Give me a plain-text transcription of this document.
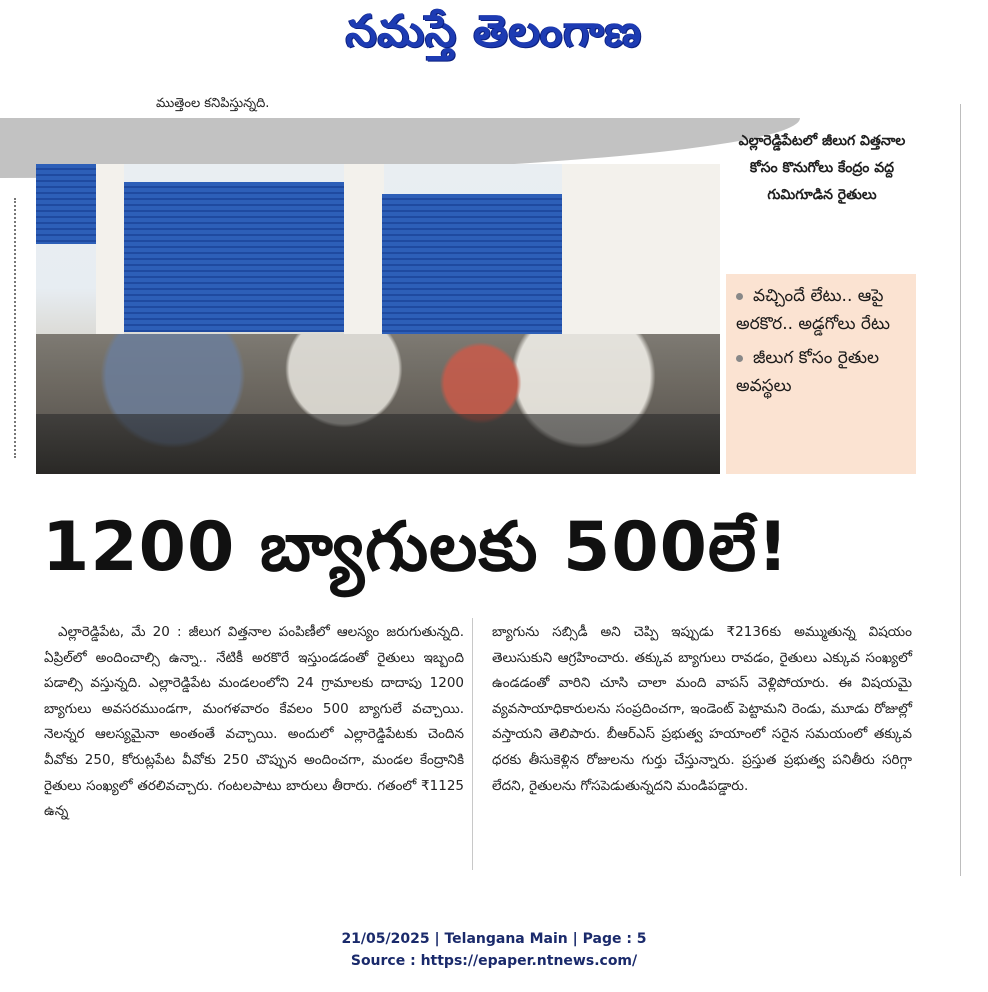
నమస్తే తెలంగాణ
ముత్తెంల కనిపిస్తున్నది.
ఎల్లారెడ్డిపేటలో జీలుగ విత్తనాల కోసం కొనుగోలు కేంద్రం వద్ద గుమిగూడిన రైతులు
వచ్చిందే లేటు.. ఆపై అరకొర.. అడ్డగోలు రేటు
జీలుగ కోసం రైతుల అవస్థలు
1200 బ్యాగులకు 500లే!
ఎల్లారెడ్డిపేట, మే 20 : జీలుగ విత్తనాల పంపిణీలో ఆలస్యం జరుగుతున్నది. ఏప్రిల్‌లో అందించాల్సి ఉన్నా.. నేటికీ అరకొరే ఇస్తుండడంతో రైతులు ఇబ్బంది పడాల్సి వస్తున్నది. ఎల్లారెడ్డిపేట మండలంలోని 24 గ్రామాలకు దాదాపు 1200 బ్యాగులు అవసరముండగా, మంగళవారం కేవలం 500 బ్యాగులే వచ్చాయి. నెలన్నర ఆలస్యమైనా అంతంతే వచ్చాయి. అందులో ఎల్లారెడ్డిపేటకు చెందిన వీవోకు 250, కోరుట్లపేట వీవోకు 250 చొప్పున అందించగా, మండల కేంద్రానికి రైతులు సంఖ్యలో తరలివచ్చారు. గంటలపాటు బారులు తీరారు. గతంలో ₹1125 ఉన్న
బ్యాగును సబ్సిడీ అని చెప్పి ఇప్పుడు ₹2136కు అమ్ముతున్న విషయం తెలుసుకుని ఆగ్రహించారు. తక్కువ బ్యాగులు రావడం, రైతులు ఎక్కువ సంఖ్యలో ఉండడంతో వారిని చూసి చాలా మంది వాపస్ వెళ్లిపోయారు. ఈ విషయమై వ్యవసాయాధికారులను సంప్రదించగా, ఇండెంట్ పెట్టామని రెండు, మూడు రోజుల్లో వస్తాయని తెలిపారు. బీఆర్‌ఎస్ ప్రభుత్వ హయాంలో సరైన సమయంలో తక్కువ ధరకు తీసుకెళ్లిన రోజులను గుర్తు చేస్తున్నారు. ప్రస్తుత ప్రభుత్వ పనితీరు సరిగ్గా లేదని, రైతులను గోసపెడుతున్నదని మండిపడ్డారు.
21/05/2025 | Telangana Main | Page : 5
Source : https://epaper.ntnews.com/
